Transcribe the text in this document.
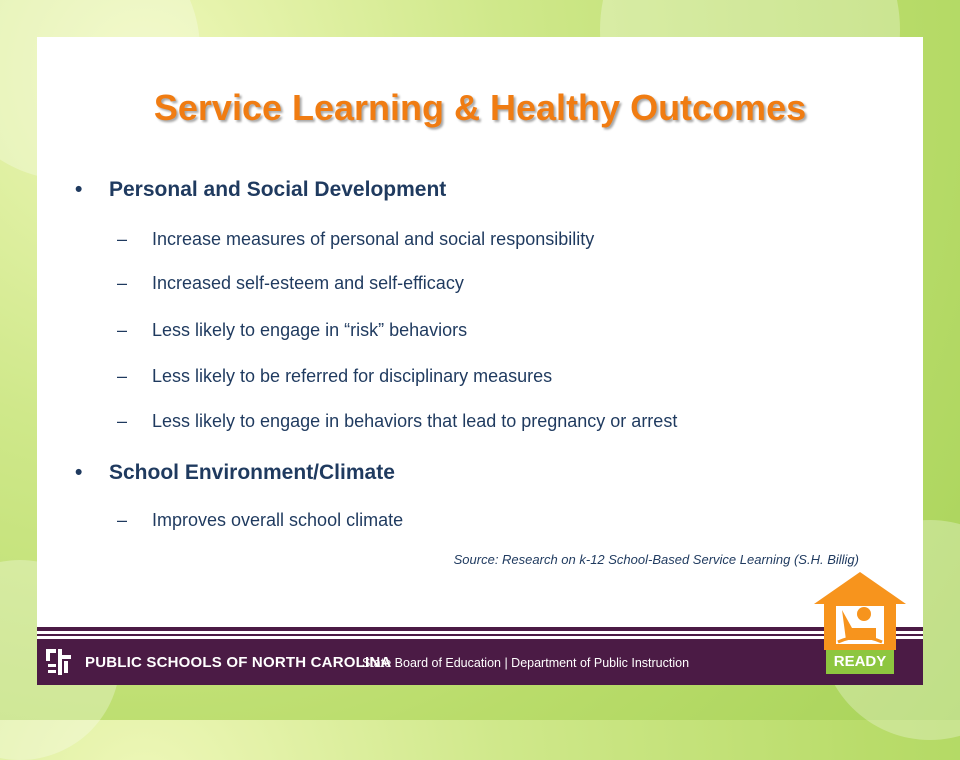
Service Learning & Healthy Outcomes
• Personal and Social Development
– Increase measures of personal and social responsibility
– Increased self-esteem and self-efficacy
– Less likely to engage in “risk” behaviors
– Less likely to be referred for disciplinary measures
– Less likely to engage in behaviors that lead to pregnancy or arrest
• School Environment/Climate
– Improves overall school climate
Source: Research on k-12 School-Based Service Learning (S.H. Billig)
PUBLIC SCHOOLS OF NORTH CAROLINA
State Board of Education | Department of Public Instruction	READY
